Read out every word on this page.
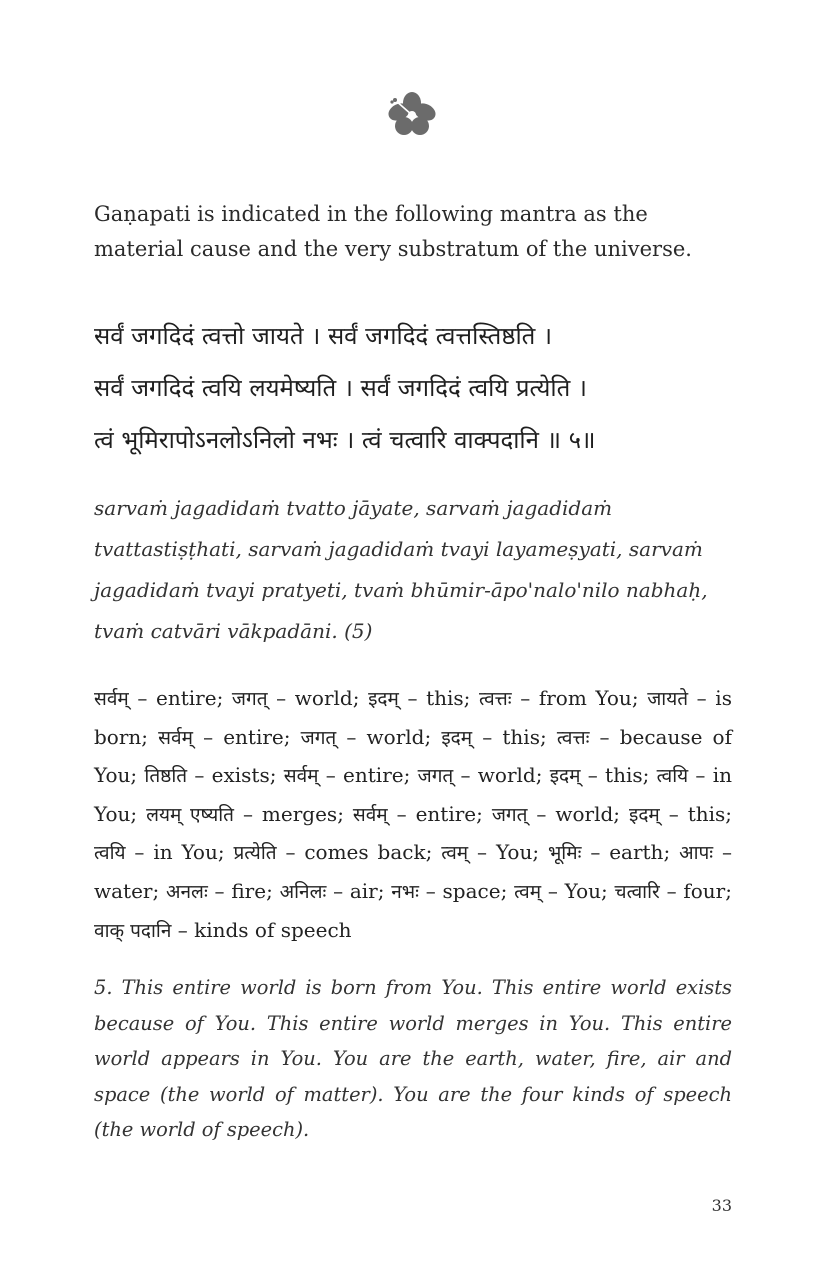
Gaṇapati is indicated in the following mantra as the material cause and the very substratum of the universe.

सर्वं जगदिदं त्वत्तो जायते । सर्वं जगदिदं त्वत्तस्तिष्ठति ।
सर्वं जगदिदं त्वयि लयमेष्यति । सर्वं जगदिदं त्वयि प्रत्येति ।
त्वं भूमिरापोऽनलोऽनिलो नभः । त्वं चत्वारि वाक्पदानि ॥ ५॥

sarvaṁ jagadidaṁ tvatto jāyate, sarvaṁ jagadidaṁ tvattastiṣṭhati, sarvaṁ jagadidaṁ tvayi layameṣyati, sarvaṁ jagadidaṁ tvayi pratyeti, tvaṁ bhūmir-āpo'nalo'nilo nabhaḥ, tvaṁ catvāri vākpadāni. (5)

सर्वम् – entire; जगत् – world; इदम् – this; त्वत्तः – from You; जायते – is born; सर्वम् – entire; जगत् – world; इदम् – this; त्वत्तः – because of You; तिष्ठति – exists; सर्वम् – entire; जगत् – world; इदम् – this; त्वयि – in You; लयम् एष्यति – merges; सर्वम् – entire; जगत् – world; इदम् – this; त्वयि – in You; प्रत्येति – comes back; त्वम् – You; भूमिः – earth; आपः – water; अनलः – fire; अनिलः – air; नभः – space; त्वम् – You; चत्वारि – four; वाक् पदानि – kinds of speech

5. This entire world is born from You. This entire world exists because of You. This entire world merges in You. This entire world appears in You. You are the earth, water, fire, air and space (the world of matter). You are the four kinds of speech (the world of speech).

33
